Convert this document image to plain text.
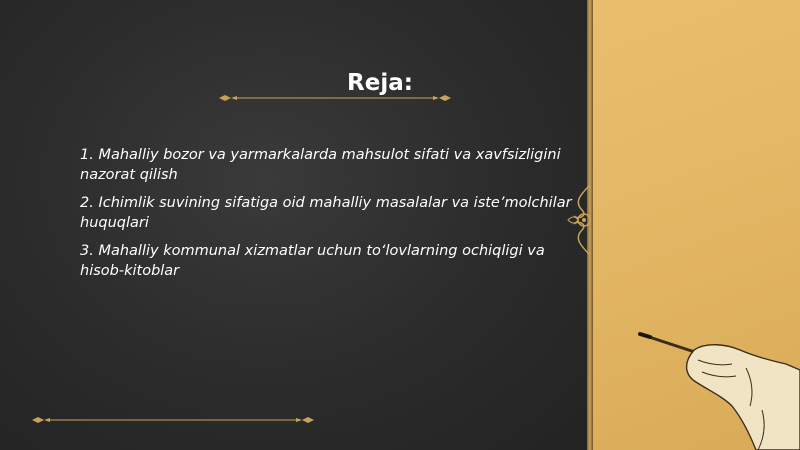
Reja:

1. Mahalliy bozor va yarmarkalarda mahsulot sifati va xavfsizligini nazorat qilish

2. Ichimlik suvining sifatiga oid mahalliy masalalar va iste’molchilar huquqlari

3. Mahalliy kommunal xizmatlar uchun to‘lovlarning ochiqligi va hisob-kitoblar
